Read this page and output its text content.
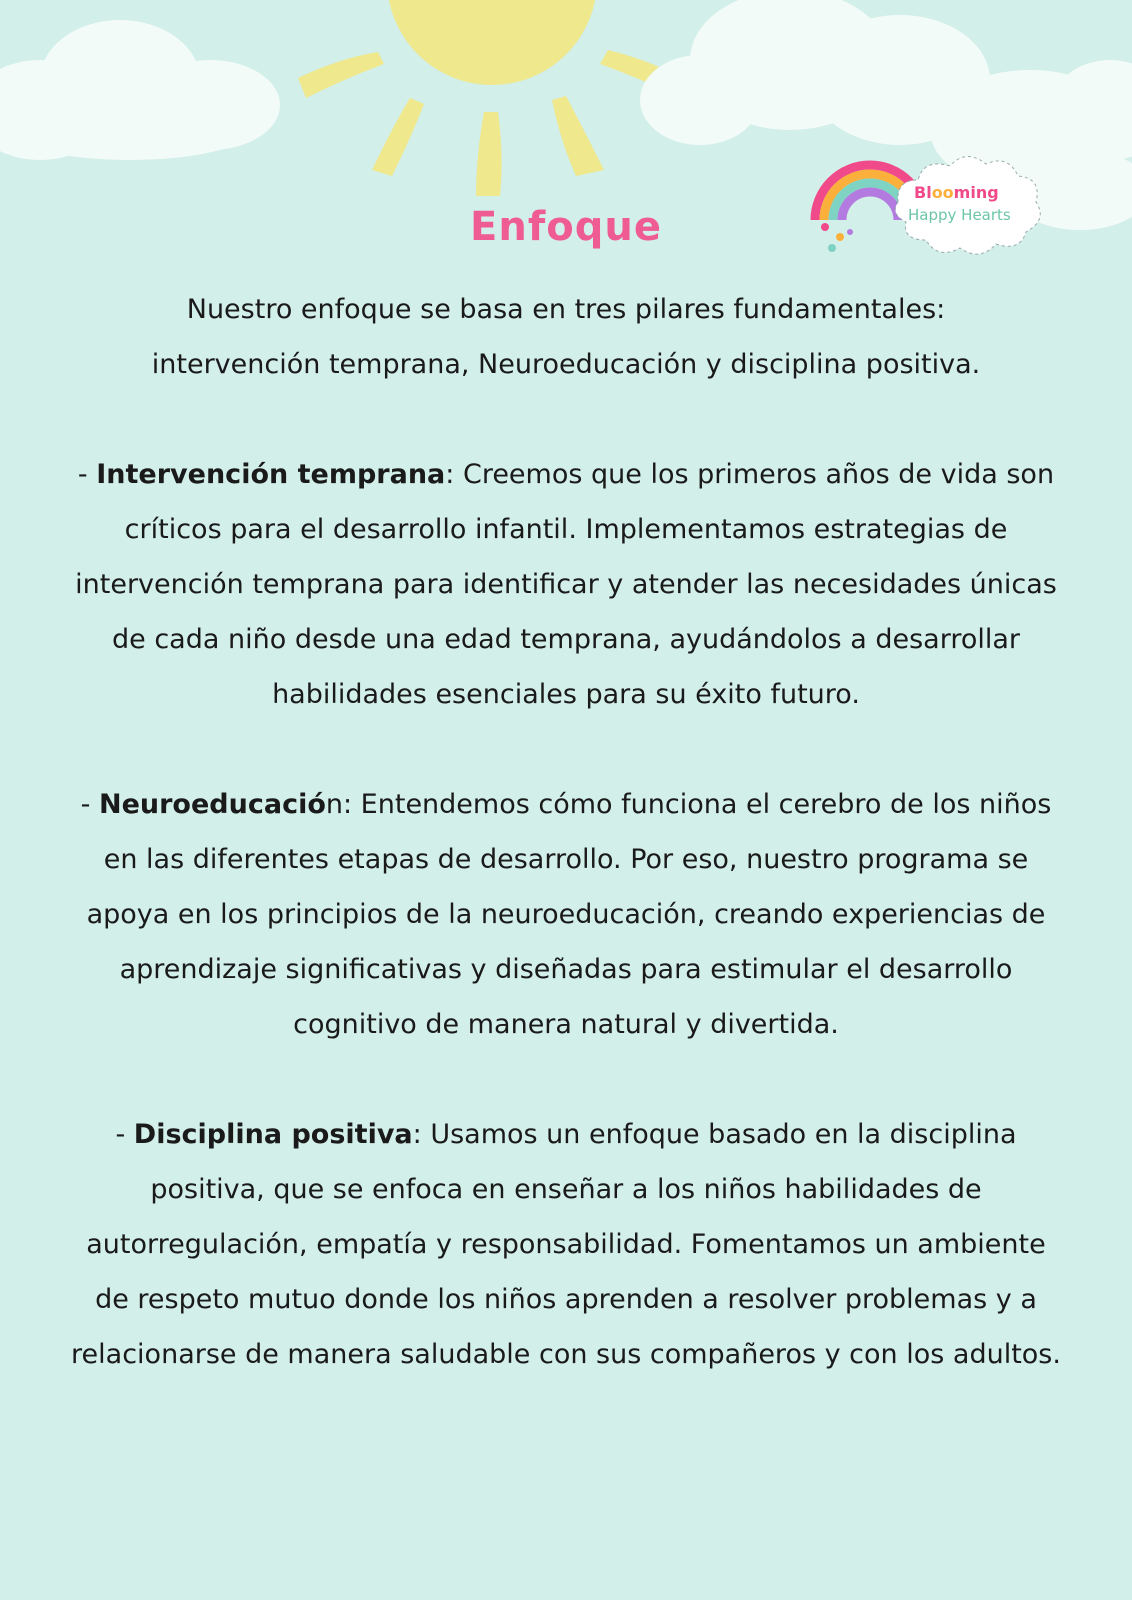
Blooming
Happy Hearts
Enfoque

Nuestro enfoque se basa en tres pilares fundamentales:
intervención temprana, Neuroeducación y disciplina positiva.

- Intervención temprana: Creemos que los primeros años de vida son críticos para el desarrollo infantil. Implementamos estrategias de intervención temprana para identificar y atender las necesidades únicas de cada niño desde una edad temprana, ayudándolos a desarrollar habilidades esenciales para su éxito futuro.

- Neuroeducación: Entendemos cómo funciona el cerebro de los niños en las diferentes etapas de desarrollo. Por eso, nuestro programa se apoya en los principios de la neuroeducación, creando experiencias de aprendizaje significativas y diseñadas para estimular el desarrollo cognitivo de manera natural y divertida.

- Disciplina positiva: Usamos un enfoque basado en la disciplina positiva, que se enfoca en enseñar a los niños habilidades de autorregulación, empatía y responsabilidad. Fomentamos un ambiente de respeto mutuo donde los niños aprenden a resolver problemas y a relacionarse de manera saludable con sus compañeros y con los adultos.
